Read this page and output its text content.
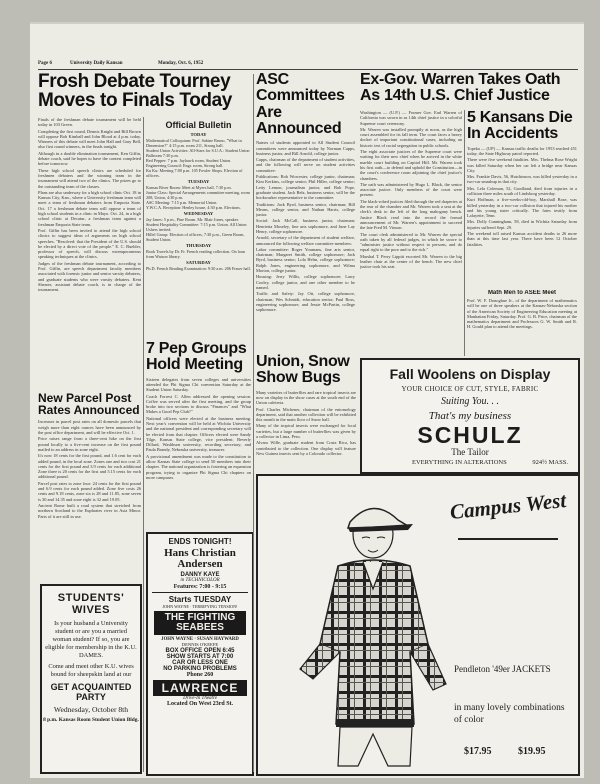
Page 6	University Daily Kansan	Monday, Oct. 6, 1952
Frosh Debate Tourney Moves to Finals Today

Finals of the freshman debate tournament will be held today in 103 Green.

Completing the first round, Dennis Knight and Bill Brown will oppose Bob Kimball and John Blood at 4 p.m. today. Winners of this debate will meet John Hall and Gary Bell, also first round winners, in the finals tonight.

Although in a double elimination tournament, Ken Giffin, debate coach, said he hopes to have the contest completed before tomorrow.

These high school speech clinics are scheduled for freshmen debaters and the winning team in the tournament will attend two of the clinics. The prizes go to the outstanding team of the classes.

Plans are also underway for a high school clinic Oct. 18 in Kansas City, Kan., where a University freshman team will meet a team of freshman debaters from Emporia State. Oct. 17 a freshman debate team will oppose a team of high school students in a clinic in Mayo. Oct. 24, in a high school clinic at Decatur, a freshman team against a freshman Emporia State team.

Prof. Giffin has been invited to attend the high school clinics to suggest ideas of arguments on high school speeches. "Resolved: that the President of the U.S. should be elected by a direct vote of the people." E. C. Buehler, professor of speech, will discuss extemporaneous speaking techniques at the clinics.

Judges of the freshman debate tournament, according to Prof. Giffin, are speech department faculty members associated with forensic junior and senior varsity debaters, and graduate students who were varsity debaters. Kent Shearer, assistant debate coach, is in charge of the tournament.

New Parcel Post Rates Announced

Increases in parcel post rates on all domestic parcels that weigh more than eight ounces have been announced by the post office department, and will be effective Oct. 1.

Price raises range from a three-cent hike on the first pound locally to a five-cent increase on the first pound mailed to an address in zone eight.

It's now 18 cents for the first pound, and 1.6 cent for each added pound, in the local zone. Zones one and two cost 21 cents for the first pound and 3.9 cents for each additional Zone three is 20 cents for the first and 5.15 cents for each additional pound.

Parcel post rates to zone four: 24 cents for the first pound and 6.9 cents for each pound added. Zone five costs 26 cents and 9.18 cents, zone six is 28 and 11.85, zone seven is 30 and 14.35 and zone eight is 32 and 19.05.

Ancient Rome built a road system that stretched from northern Scotland to the Euphrates river in Asia Minor. Parts of it are still in use.

STUDENTS' WIVES
Is your husband a University student or are you a married woman student? If so, you are eligible for membership in the K.U. DAMES.
Come and meet other K.U. wives bound for sheepskin land at our
GET ACQUAINTED PARTY
Wednesday, October 8th
8 p.m. Kansas Room Student Union Bldg.
Official Bulletin
TODAY

Mathematical Colloquium: Prof. Sabine Bruno, "What in Dimension?" 4:15 p.m. room 211, Strong hall.

Student Union Activities: All-Stars for S.U.A.: Student Union Ballroom 7:30 p.m.

Red Pepper: 7 p.m. Jayhawk room, Student Union.

Engineering Council: Engr. room, Strong hall.

Ku Ku: Meeting 7:00 p.m. 105 Fowler Shops. Election of officers.

TUESDAY

Kansas River Room: Meet at Myers hall, 7:30 p.m.

Junior Class: Special Arrangements committee meeting, room 208, Union, 4:30 p.m.

ASC Meeting: 7:15 p.m. Memorial Union.

Y.W.C.A. Reception: Henley house, 4:30 p.m. Elections.

WEDNESDAY

Jay Janes: 5 p.m., Pine Room. Mr. Blair Jones, speaker.

Student Hospitality Committee: 7:15 p.m. Union. All Union Ushers invited.

Hillel Group: Election of officers, 7:30 p.m., Green Room, Student Union.

THURSDAY

Book Travels by Dr. Fr. French reading collection. On loan from Watson library.

SATURDAY

Ph.D. French Reading Examination: 9:30 a.m. 206 Fraser hall.

7 Pep Groups Hold Meeting

Sixteen delegates from seven colleges and universities attended the Phi Sigma Chi convention Saturday at the Student Union Saturday.

Coach Forrest C. Allen addressed the opening session. Coffee was served after the first meeting, and the group broke into two sections to discuss "Finances" and "What Makes a Good Pep Club?"

National officers were elected at the business meeting. Next year's convention will be held at Wichita University and the national president and corresponding secretary will be elected from that chapter. Officers elected were Sandy Tilge, Kansas State college, vice president; Beverly Dillard, Washburn university, recording secretary; and Paula Brandy, Nebraska university, treasurer.

A provisional amendment was made to the constitution to allow Kansas State college to send 50 members into their chapter. The national organization is fostering an expansion program, trying to organize Phi Sigma Chi chapters on more campuses.

ENDS TONIGHT!
Hans Christian Andersen
DANNY KAYE
in TECHNICOLOR
Features: 7:00 - 9:15
Starts TUESDAY
JOHN WAYNE · TERRIFYING TENSION!
THE FIGHTING SEABEES
JOHN WAYNE · SUSAN HAYWARD
DENNIS O'KEEFE
BOX OFFICE OPEN 6:45
SHOW STARTS AT 7:00
CAR OR LESS ONE
NO PARKING PROBLEMS
Phone 260
LAWRENCE
Drive-In Theatre
Located On West 23rd St.
ASC Committees Are Announced

Names of students appointed to All Student Council committees were announced today by Norman Capps, business junior, and Bill Arnold, college junior.

Capps, chairman of the department of student activities, and the following will serve on student activities committee:

Publications: Bob Worcester, college junior, chairman; Kim Kerkins, college senior; Phil Hiller, college senior; Letty Lemon, journalism junior, and Bob Pope, graduate student. Jack Belz, business senior, will be the bookwarker representative to the committee.

Traditions: Jack Byrd, business senior, chairman; Bill Means, college senior, and Nathan Harris, college junior.

Social: Jack McCall, business junior, chairman; Henrietta Moseley, fine arts sophomore, and June Lay Henry, college sophomore.

Arnold, secretary of the department of student welfare, announced the following welfare committee members:

Labor committee: Roger Youmans, fine arts senior, chairman; Margaret Smith, college sophomore; Jack Byrd, business senior; Lola Helm, college sophomore; Ralph Jones, engineering sophomore, and Wilma Morton, college junior.

Housing: Jerry Willis, college sophomore; Larry Cooley, college junior, and one other member to be named.

Traffic and Safety: Jay Ott, college sophomore, chairman; Wes Schmidt, education senior; Paul Ross, engineering sophomore, and Jessie McPartin, college sophomore.

Union, Snow Show Bugs

Many varieties of butterflies and rare tropical insects are now on display in the show cases at the south end of the Union cafeteria.

Prof. Charles Michener, chairman of the entomology department, said that another collection will be exhibited this month in the main floor of Snow hall.

Many of the tropical insects were exchanged for local varieties, but a large number of butterflies was given by a collector in Lima, Peru.

Alvaro Wille, graduate student from Costa Rica, has contributed to the collection. One display will feature New Guinea insects sent by a Colorado collector.

Ex-Gov. Warren Takes Oath As 14th U.S. Chief Justice

Washington — (U.P.) — Former Gov. Earl Warren of California was sworn in as 14th chief justice in a colorful Supreme court ceremony.

Mr. Warren was installed promptly at noon, as the high court assembled for its fall term. The court faces a heavy docket of important constitutional cases, including an historic test of racial segregation in public schools.

The eight associate justices of the Supreme court were waiting for their new chief when he arrived in the white marble court building on Capitol Hill. Mr. Warren took his first oath—to defend and uphold the Constitution—in the court's conference room adjoining the chief justice's chambers.

The oath was administered by Hugo L. Black, the senior associate justice. Only members of the court were present.

The black-robed justices filed through the red draperies at the rear of the chamber and Mr. Warren took a seat at the clerk's desk to the left of the long mahogany bench. Justice Black read into the record the formal announcement of Mr. Warren's appointment to succeed the late Fred M. Vinson.

The court clerk administered to Mr. Warren the special oath taken by all federal judges, in which he swore to "administer justice without respect to persons, and do equal right to the poor and to the rich."

Marshal T. Perry Lippitt escorted Mr. Warren to the big leather chair at the center of the bench. The new chief justice took his seat.

5 Kansans Die In Accidents

Topeka — (UP) — Kansas traffic deaths for 1953 reached 451 today, the State Highway patrol reported.

There were five weekend fatalities. Mrs. Thelma Rose Wright was killed Saturday when her car left a bridge near Kansas City.

Mrs. Frankie Davis, 56, Hutchinson, was killed yesterday in a two-car smashup in that city.

Mrs. Lela Coleman, 52, Goodland, died from injuries in a collision three miles south of Lindsborg yesterday.

Kurt Hoffman, a five-weeks-old-boy, Marshall Bose, was killed yesterday in a two-car collision that injured his mother and his young sister critically. The fates testify from Lafayette, Tenn.

Mrs. Dolly Cunningham, 58, died in Wichita Saturday from injuries suffered Sept. 29.

The weekend toll raised Kansas accident deaths to 26 more than at this time last year. There have been 12 October fatalities.

Math Men to ASEE Meet

Prof. W. F. Donoghue Jr., of the department of mathematics will be one of three speakers at the Kansas-Nebraska section of the American Society of Engineering Education meeting at Manhattan Friday, Saturday. Prof. G. B. Price, chairman of the mathematics department and Professors G. W. Smith and R. H. Gould plan to attend the meetings.

Fall Woolens on Display
YOUR CHOICE OF CUT, STYLE, FABRIC
Suiting You. . .
That's my business
SCHULZ
The Tailor
EVERYTHING IN ALTERATIONS	924½ MASS.
Campus West
Pendleton '49er JACKETS
in many lovely combinations of color
$17.95	$19.95
